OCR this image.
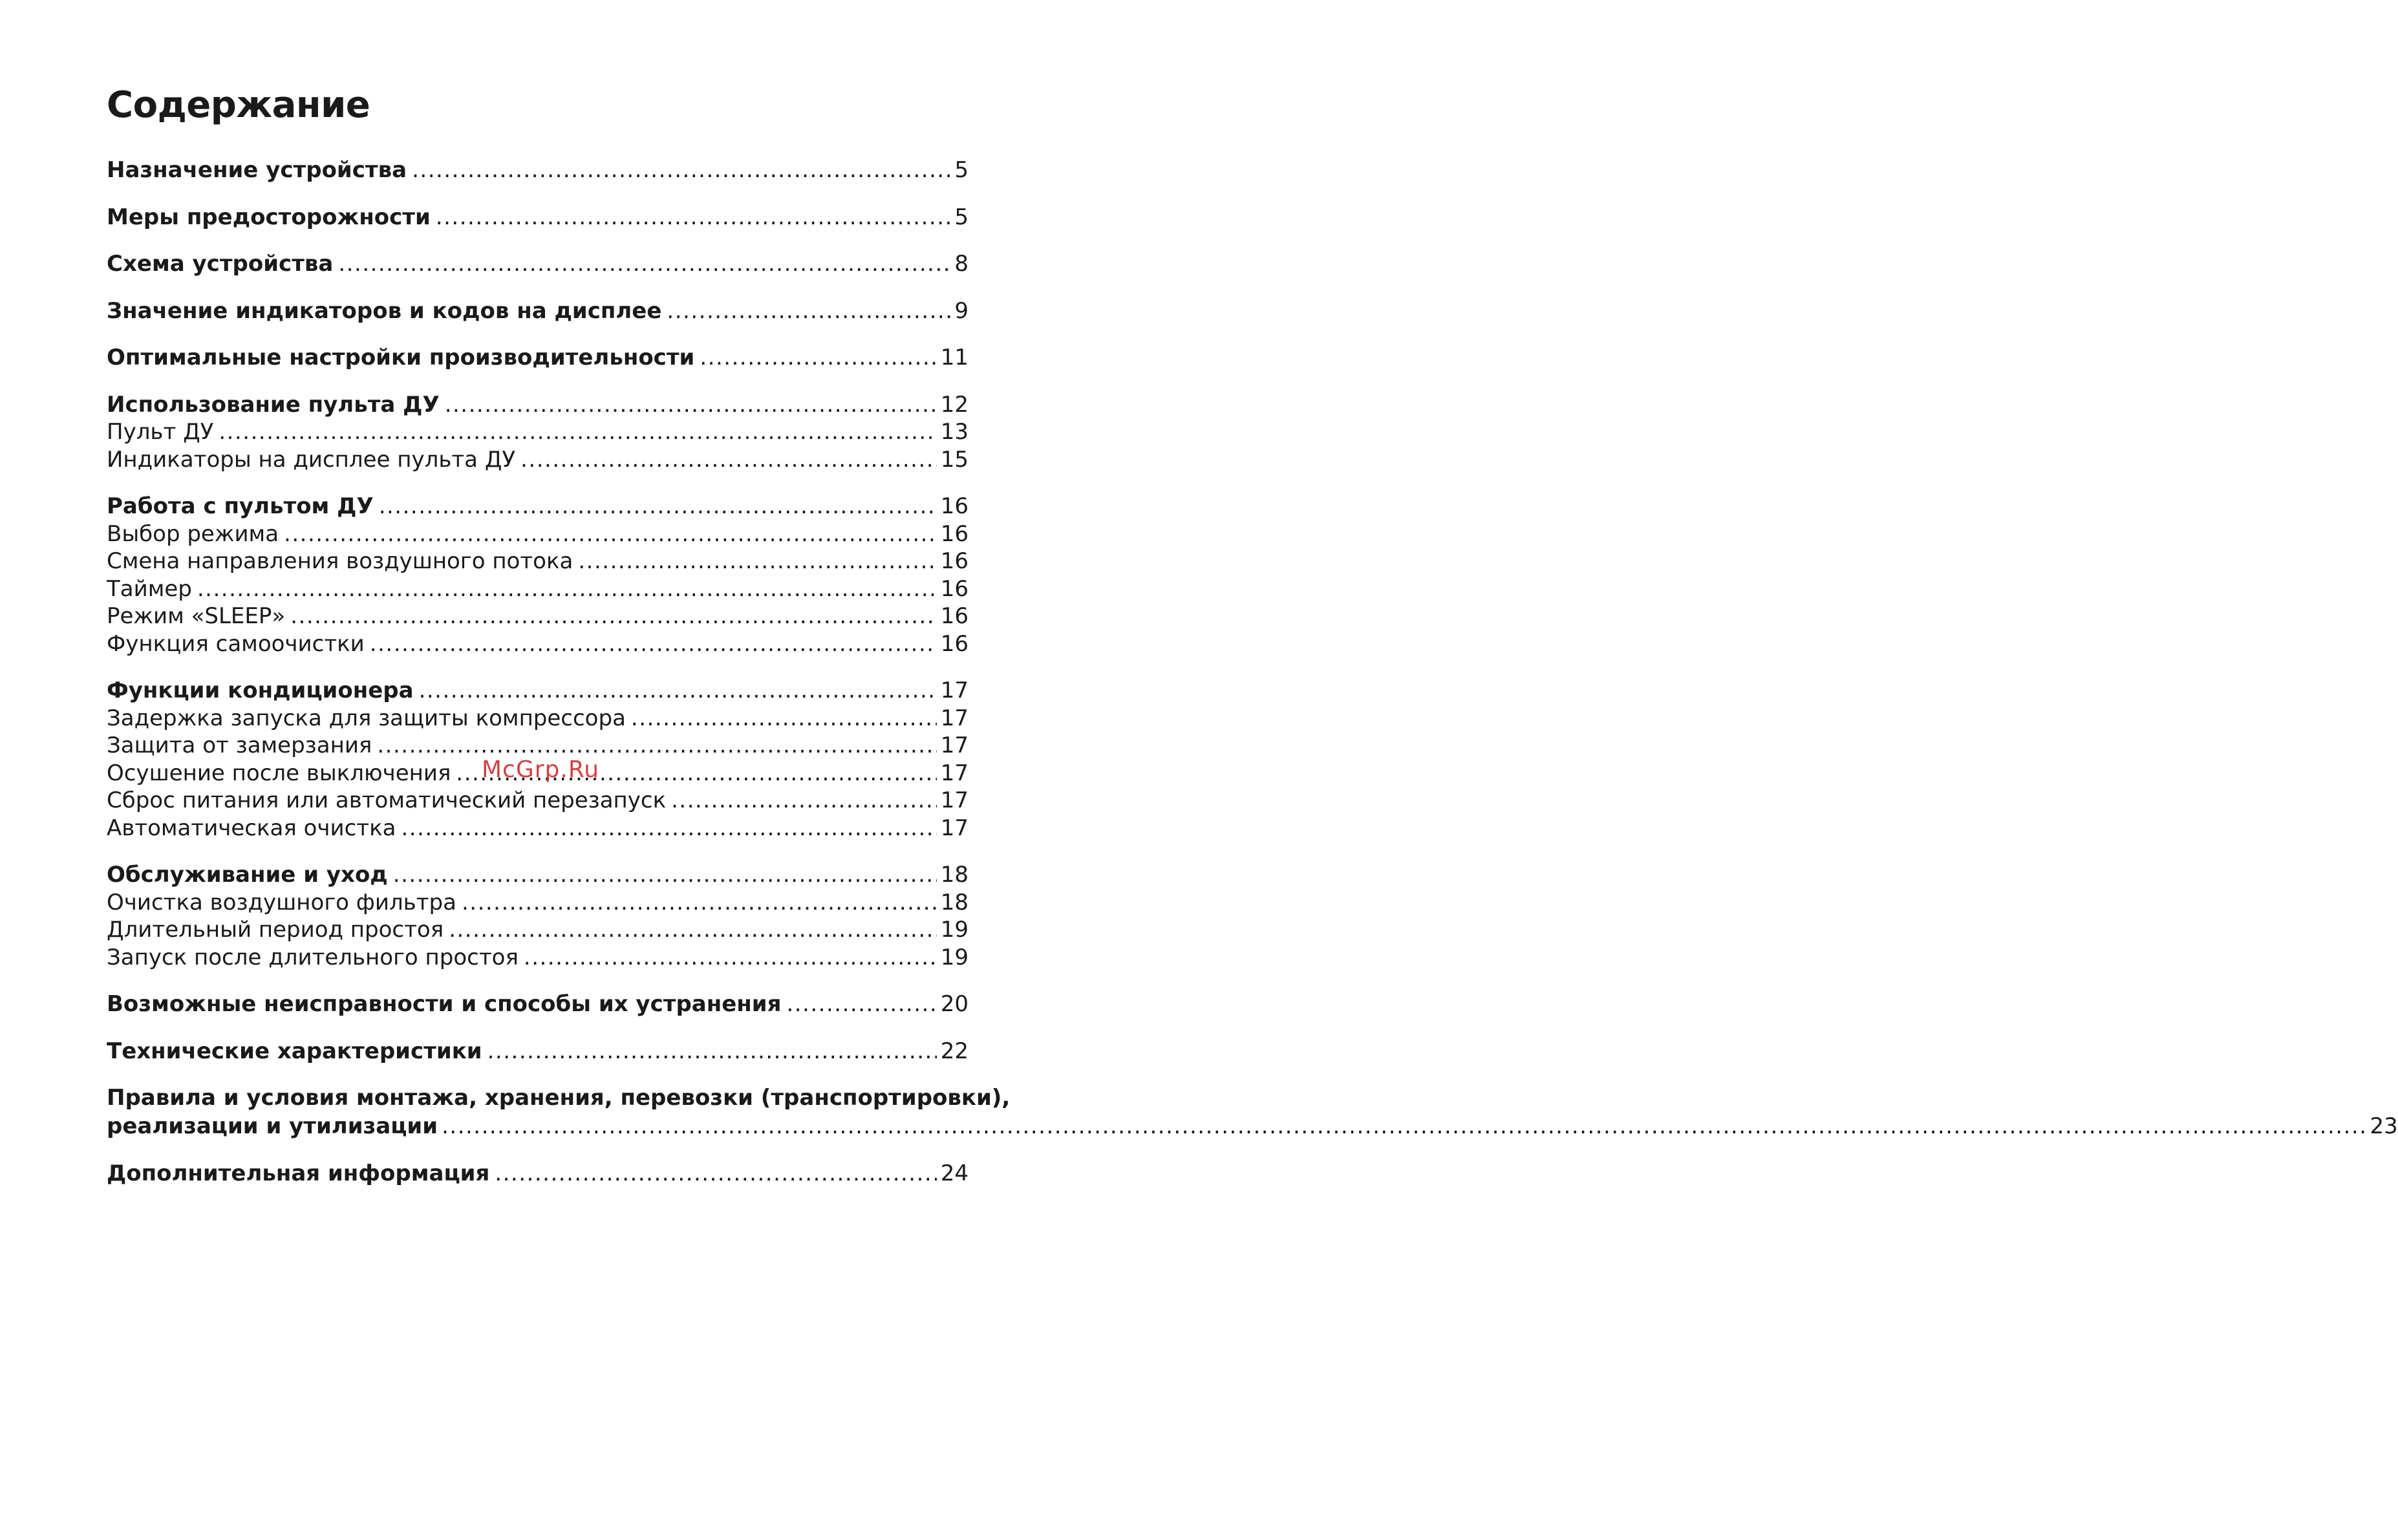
Содержание
Назначение устройства .....	5
Меры предосторожности .....	5
Схема устройства .....	8
Значение индикаторов и кодов на дисплее .....	9
Оптимальные настройки производительности .....	11
Использование пульта ДУ .....	12
Пульт ДУ .....	13
Индикаторы на дисплее пульта ДУ .....	15
Работа с пультом ДУ .....	16
Выбор режима .....	16
Смена направления воздушного потока .....	16
Таймер .....	16
Режим «SLEEP» .....	16
Функция самоочистки .....	16
Функции кондиционера .....	17
Задержка запуска для защиты компрессора .....	17
Защита от замерзания .....	17
Осушение после выключения .....	17
Сброс питания или автоматический перезапуск .....	17
Автоматическая очистка .....	17
Обслуживание и уход .....	18
Очистка воздушного фильтра .....	18
Длительный период простоя .....	19
Запуск после длительного простоя .....	19
Возможные неисправности и способы их устранения .....	20
Технические характеристики .....	22
Правила и условия монтажа, хранения, перевозки (транспортировки),
реализации и утилизации .....	23
Дополнительная информация .....	24
McGrp.Ru
